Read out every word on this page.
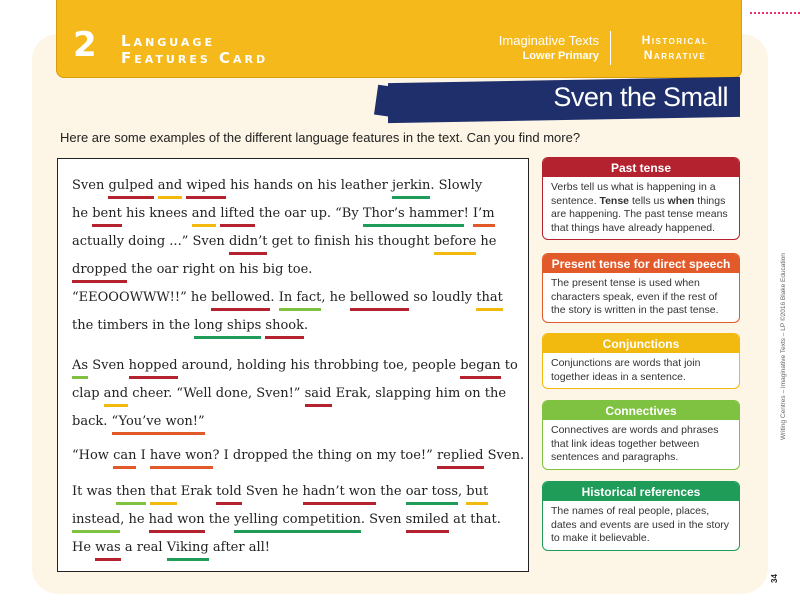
2 Language
Features Card
Imaginative Texts
Lower Primary
Historical
Narrative
Sven the Small
Here are some examples of the different language features in the text. Can you find more?
Sven gulped and wiped his hands on his leather jerkin. Slowly
he bent his knees and lifted the oar up. “By Thor’s hammer! I’m
actually doing ...” Sven didn’t get to finish his thought before he
dropped the oar right on his big toe.
“EEOOOWWW!!” he bellowed. In fact, he bellowed so loudly that
the timbers in the long ships shook.
As Sven hopped around, holding his throbbing toe, people began to
clap and cheer. “Well done, Sven!” said Erak, slapping him on the
back. “You’ve won!”
“How can I have won? I dropped the thing on my toe!” replied Sven.
It was then that Erak told Sven he hadn’t won the oar toss, but
instead, he had won the yelling competition. Sven smiled at that.
He was a real Viking after all!
Past tense
Verbs tell us what is happening in a sentence. Tense tells us when things are happening. The past tense means that things have already happened.
Present tense for direct speech
The present tense is used when characters speak, even if the rest of the story is written in the past tense.
Conjunctions
Conjunctions are words that join together ideas in a sentence.
Connectives
Connectives are words and phrases that link ideas together between sentences and paragraphs.
Historical references
The names of real people, places, dates and events are used in the story to make it believable.
Writing Centres – Imaginative Texts – LP ©2016 Blake Education
34
